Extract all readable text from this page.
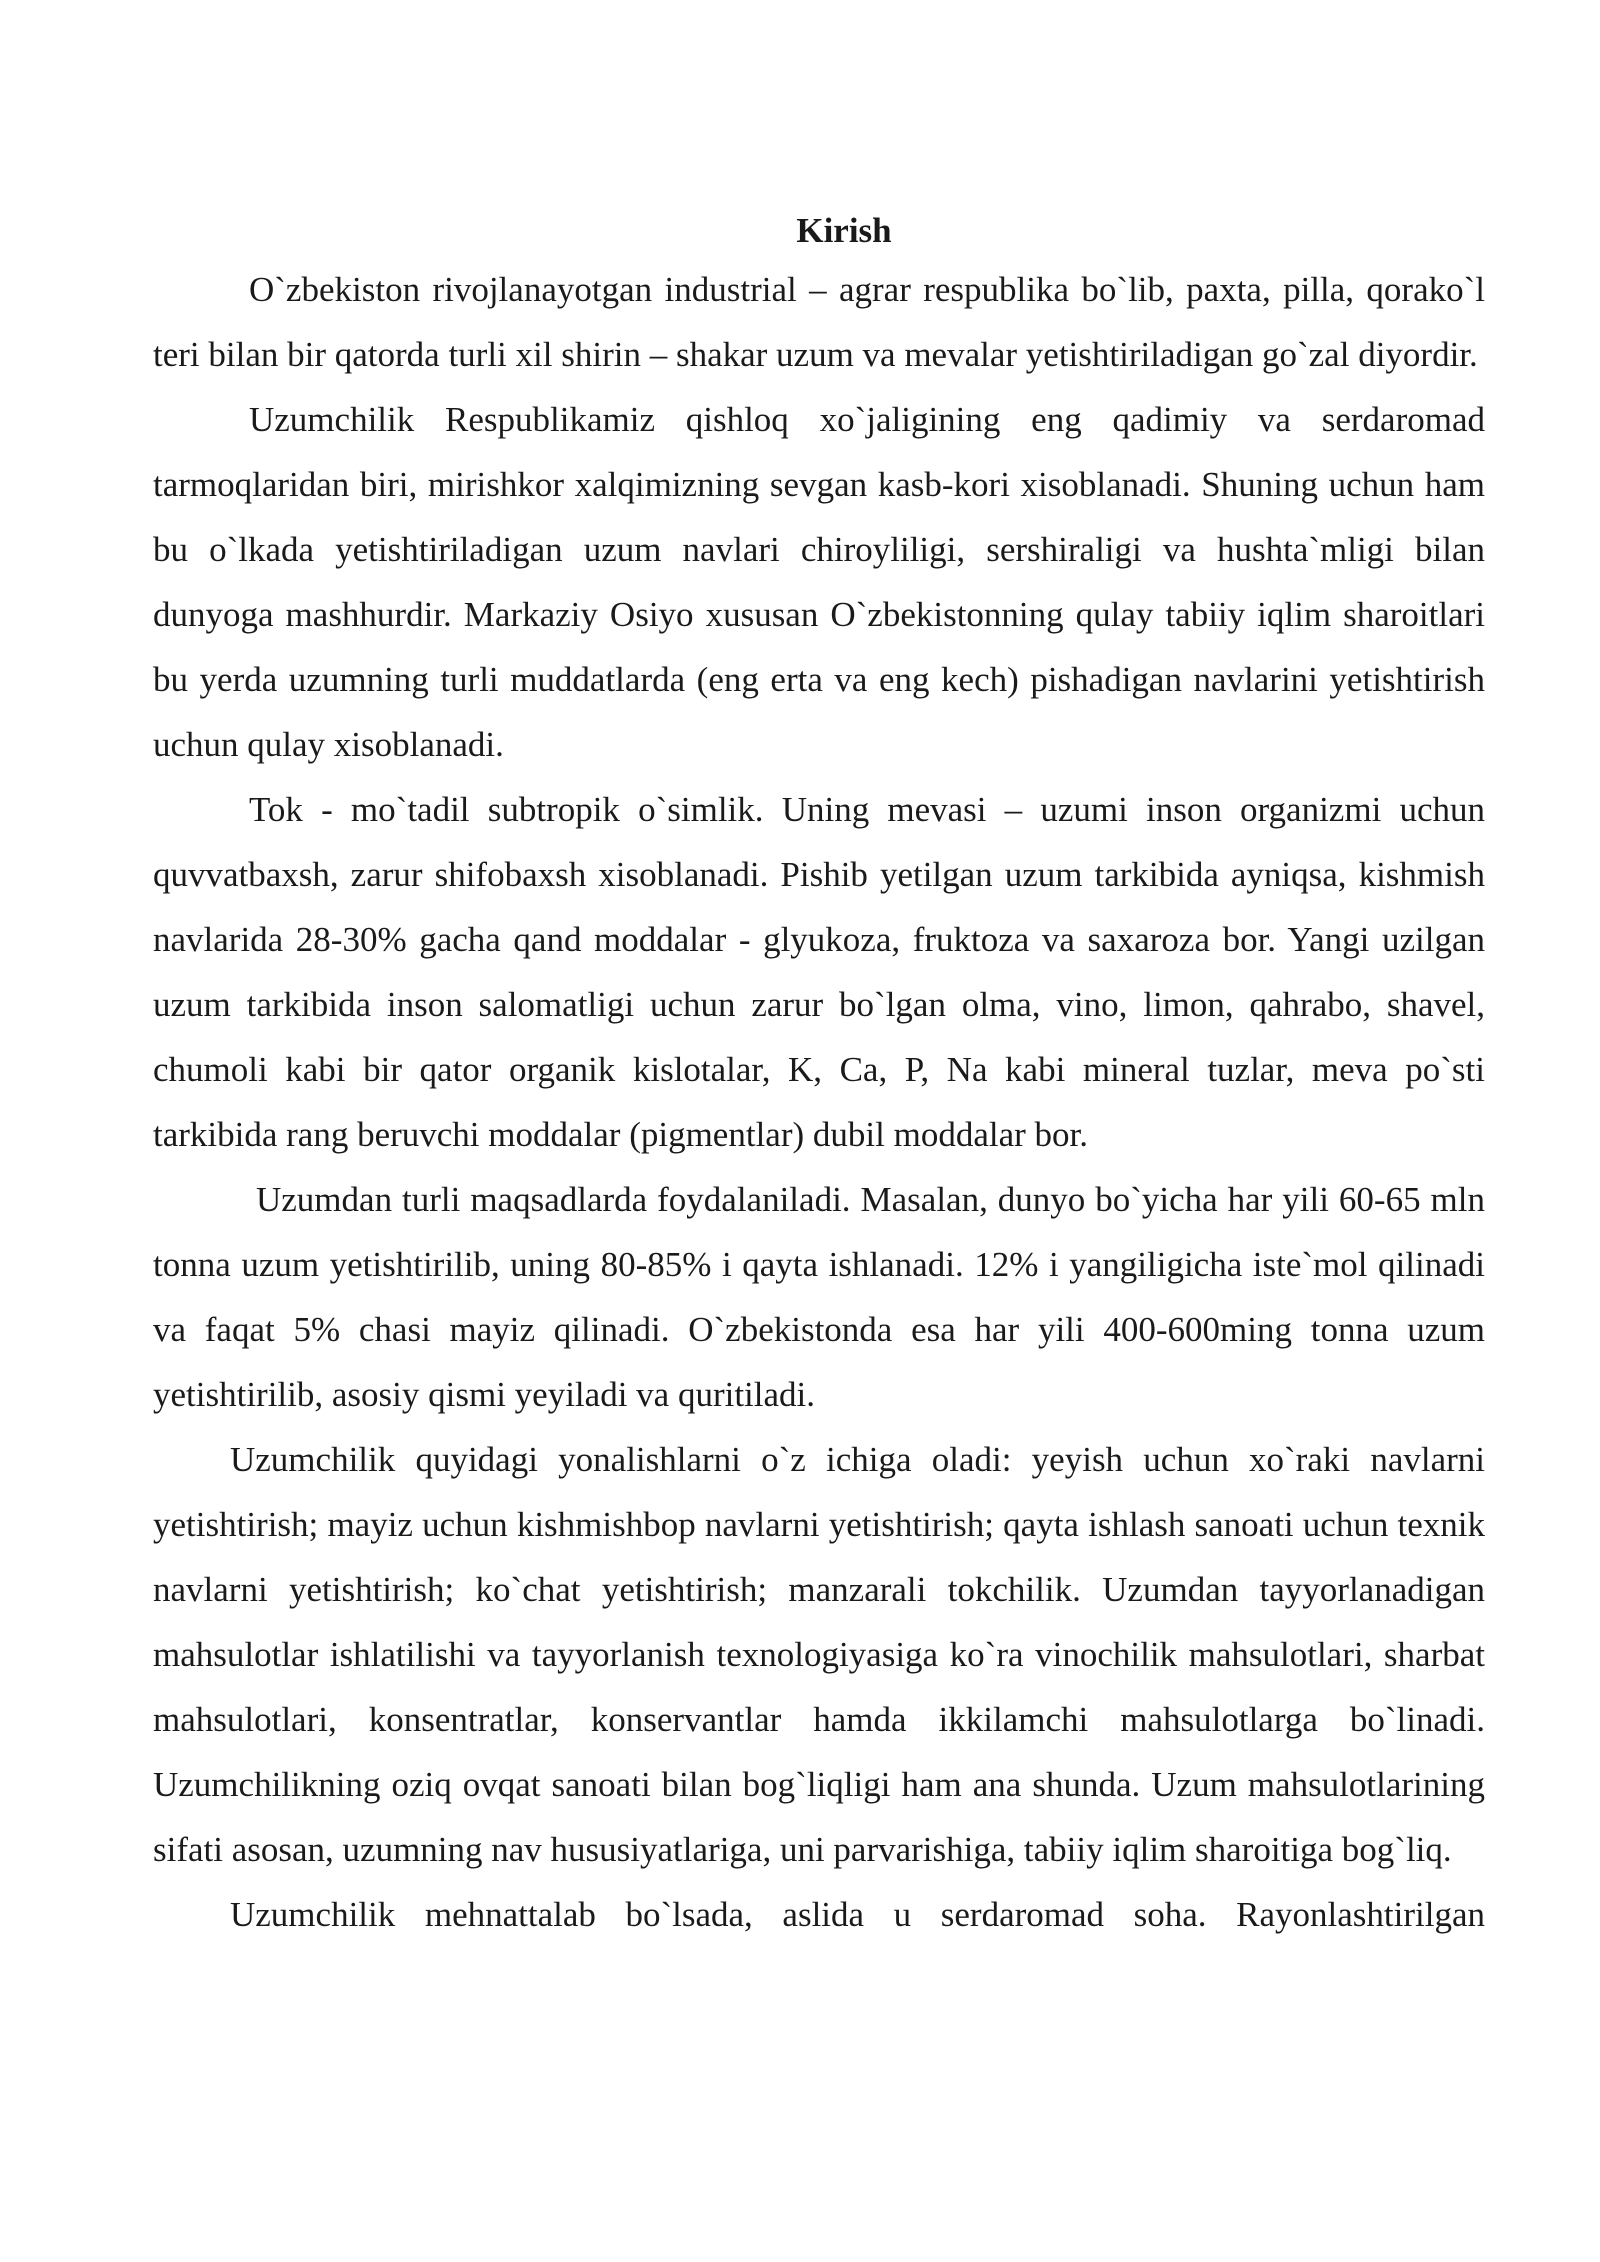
Kirish

O`zbekiston rivojlanayotgan industrial – agrar respublika bo`lib, paxta, pilla, qorako`l teri bilan bir qatorda turli xil shirin – shakar uzum va mevalar yetishtiriladigan go`zal diyordir.

Uzumchilik Respublikamiz qishloq xo`jaligining eng qadimiy va serdaromad tarmoqlaridan biri, mirishkor xalqimizning sevgan kasb-kori xisoblanadi. Shuning uchun ham bu o`lkada yetishtiriladigan uzum navlari chiroyliligi, sershiraligi va hushta`mligi bilan dunyoga mashhurdir. Markaziy Osiyo xususan O`zbekistonning qulay tabiiy iqlim sharoitlari bu yerda uzumning turli muddatlarda (eng erta va eng kech) pishadigan navlarini yetishtirish uchun qulay xisoblanadi.

Tok - mo`tadil subtropik o`simlik. Uning mevasi – uzumi inson organizmi uchun quvvatbaxsh, zarur shifobaxsh xisoblanadi. Pishib yetilgan uzum tarkibida ayniqsa, kishmish navlarida 28-30% gacha qand moddalar - glyukoza, fruktoza va saxaroza bor. Yangi uzilgan uzum tarkibida inson salomatligi uchun zarur bo`lgan olma, vino, limon, qahrabo, shavel, chumoli kabi bir qator organik kislotalar, K, Ca, P, Na kabi mineral tuzlar, meva po`sti tarkibida rang beruvchi moddalar (pigmentlar) dubil moddalar bor.

Uzumdan turli maqsadlarda foydalaniladi. Masalan, dunyo bo`yicha har yili 60-65 mln tonna uzum yetishtirilib, uning 80-85% i qayta ishlanadi. 12% i yangiligicha iste`mol qilinadi va faqat 5% chasi mayiz qilinadi. O`zbekistonda esa har yili 400-600ming tonna uzum yetishtirilib, asosiy qismi yeyiladi va quritiladi.

Uzumchilik quyidagi yonalishlarni o`z ichiga oladi: yeyish uchun xo`raki navlarni yetishtirish; mayiz uchun kishmishbop navlarni yetishtirish; qayta ishlash sanoati uchun texnik navlarni yetishtirish; ko`chat yetishtirish; manzarali tokchilik. Uzumdan tayyorlanadigan mahsulotlar ishlatilishi va tayyorlanish texnologiyasiga ko`ra vinochilik mahsulotlari, sharbat mahsulotlari, konsentratlar, konservantlar hamda ikkilamchi mahsulotlarga bo`linadi. Uzumchilikning oziq ovqat sanoati bilan bog`liqligi ham ana shunda. Uzum mahsulotlarining sifati asosan, uzumning nav hususiyatlariga, uni parvarishiga, tabiiy iqlim sharoitiga bog`liq.

Uzumchilik mehnattalab bo`lsada, aslida u serdaromad soha. Rayonlashtirilgan
